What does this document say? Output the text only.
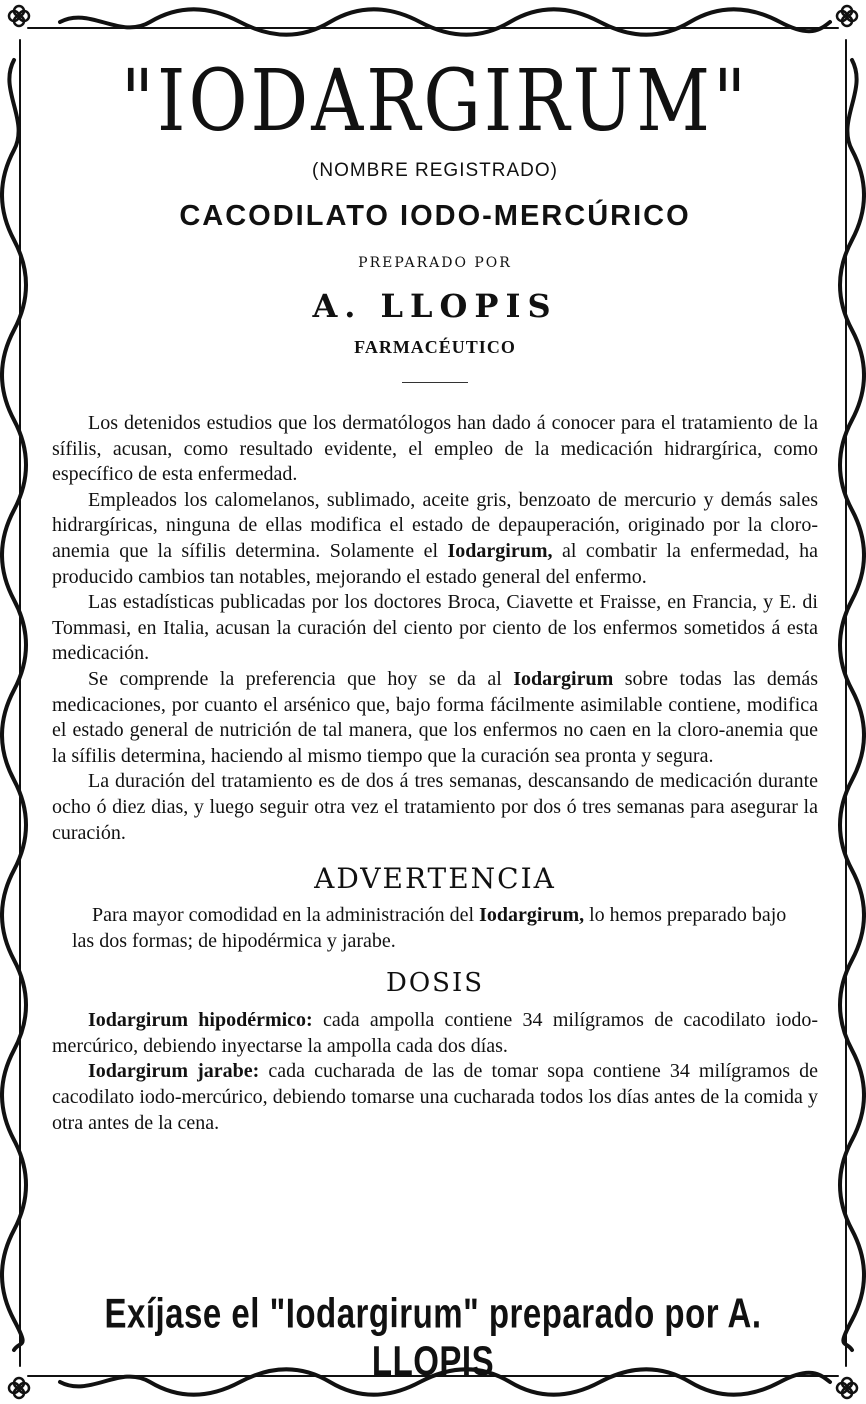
"IODARGIRUM"
(NOMBRE REGISTRADO)
CACODILATO IODO-MERCÚRICO
PREPARADO POR
A. LLOPIS
FARMACÉUTICO

Los detenidos estudios que los dermatólogos han dado á conocer para el tratamiento de la sífilis, acusan, como resultado evidente, el empleo de la medicación hidrargírica, como específico de esta enfermedad.

Empleados los calomelanos, sublimado, aceite gris, benzoato de mercurio y demás sales hidrargíricas, ninguna de ellas modifica el estado de depauperación, originado por la cloro-anemia que la sífilis determina. Solamente el Iodargirum, al combatir la enfermedad, ha producido cambios tan notables, mejorando el estado general del enfermo.

Las estadísticas publicadas por los doctores Broca, Ciavette et Fraisse, en Francia, y E. di Tommasi, en Italia, acusan la curación del ciento por ciento de los enfermos sometidos á esta medicación.

Se comprende la preferencia que hoy se da al Iodargirum sobre todas las demás medicaciones, por cuanto el arsénico que, bajo forma fácilmente asimilable contiene, modifica el estado general de nutrición de tal manera, que los enfermos no caen en la cloro-anemia que la sífilis determina, haciendo al mismo tiempo que la curación sea pronta y segura.

La duración del tratamiento es de dos á tres semanas, descansando de medicación durante ocho ó diez dias, y luego seguir otra vez el tratamiento por dos ó tres semanas para asegurar la curación.

ADVERTENCIA

Para mayor comodidad en la administración del Iodargirum, lo hemos preparado bajo las dos formas; de hipodérmica y jarabe.

DOSIS

Iodargirum hipodérmico: cada ampolla contiene 34 milígramos de cacodilato iodo-mercúrico, debiendo inyectarse la ampolla cada dos días.

Iodargirum jarabe: cada cucharada de las de tomar sopa contiene 34 milígramos de cacodilato iodo-mercúrico, debiendo tomarse una cucharada todos los días antes de la comida y otra antes de la cena.

Exíjase el "Iodargirum" preparado por A. LLOPIS
